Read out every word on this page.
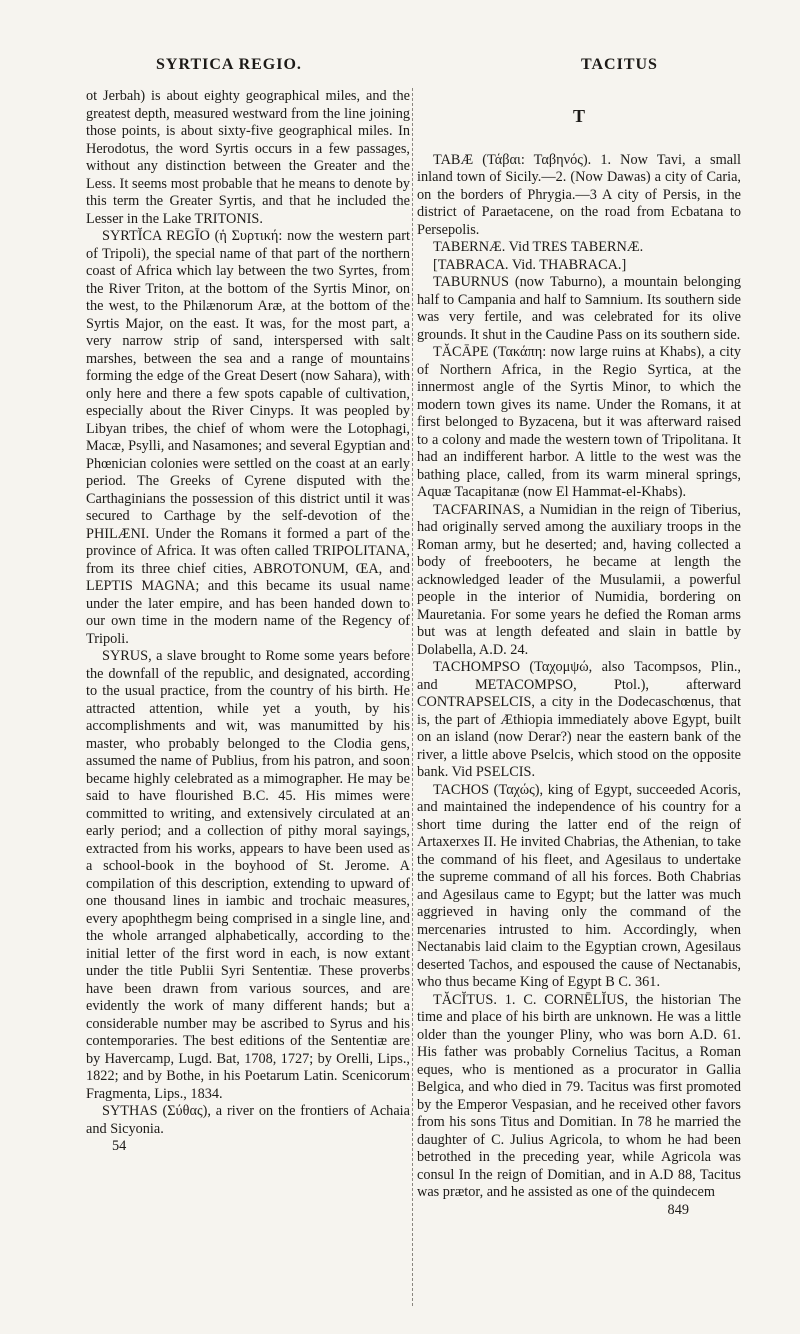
SYRTICA REGIO.	TACITUS

ot Jerbah) is about eighty geographical miles, and the greatest depth, measured westward from the line joining those points, is about sixty-five geographical miles. In Herodotus, the word Syrtis occurs in a few passages, without any distinction between the Greater and the Less. It seems most probable that he means to denote by this term the Greater Syrtis, and that he included the Lesser in the Lake TRITONIS.

SYRTĬCA REGĪO (ἡ Συρτική: now the western part of Tripoli), the special name of that part of the northern coast of Africa which lay between the two Syrtes, from the River Triton, at the bottom of the Syrtis Minor, on the west, to the Philænorum Aræ, at the bottom of the Syrtis Major, on the east. It was, for the most part, a very narrow strip of sand, interspersed with salt marshes, between the sea and a range of mountains forming the edge of the Great Desert (now Sahara), with only here and there a few spots capable of cultivation, especially about the River Cinyps. It was peopled by Libyan tribes, the chief of whom were the Lotophagi, Macæ, Psylli, and Nasamones; and several Egyptian and Phœnician colonies were settled on the coast at an early period. The Greeks of Cyrene disputed with the Carthaginians the possession of this district until it was secured to Carthage by the self-devotion of the PHILÆNI. Under the Romans it formed a part of the province of Africa. It was often called TRIPOLITANA, from its three chief cities, ABROTONUM, ŒA, and LEPTIS MAGNA; and this became its usual name under the later empire, and has been handed down to our own time in the modern name of the Regency of Tripoli.

SYRUS, a slave brought to Rome some years before the downfall of the republic, and designated, according to the usual practice, from the country of his birth. He attracted attention, while yet a youth, by his accomplishments and wit, was manumitted by his master, who probably belonged to the Clodia gens, assumed the name of Publius, from his patron, and soon became highly celebrated as a mimographer. He may be said to have flourished B.C. 45. His mimes were committed to writing, and extensively circulated at an early period; and a collection of pithy moral sayings, extracted from his works, appears to have been used as a school-book in the boyhood of St. Jerome. A compilation of this description, extending to upward of one thousand lines in iambic and trochaic measures, every apophthegm being comprised in a single line, and the whole arranged alphabetically, according to the initial letter of the first word in each, is now extant under the title Publii Syri Sententiæ. These proverbs have been drawn from various sources, and are evidently the work of many different hands; but a considerable number may be ascribed to Syrus and his contemporaries. The best editions of the Sententiæ are by Havercamp, Lugd. Bat, 1708, 1727; by Orelli, Lips., 1822; and by Bothe, in his Poetarum Latin. Scenicorum Fragmenta, Lips., 1834.

SYTHAS (Σύθας), a river on the frontiers of Achaia and Sicyonia.

54
T

TABÆ (Τάβαι: Ταβηνός). 1. Now Tavi, a small inland town of Sicily.—2. (Now Dawas) a city of Caria, on the borders of Phrygia.—3 A city of Persis, in the district of Paraetacene, on the road from Ecbatana to Persepolis.

TABERNÆ. Vid TRES TABERNÆ.

[TABRACA. Vid. THABRACA.]

TABURNUS (now Taburno), a mountain belonging half to Campania and half to Samnium. Its southern side was very fertile, and was celebrated for its olive grounds. It shut in the Caudine Pass on its southern side.

TĂCĀPE (Τακάπη: now large ruins at Khabs), a city of Northern Africa, in the Regio Syrtica, at the innermost angle of the Syrtis Minor, to which the modern town gives its name. Under the Romans, it at first belonged to Byzacena, but it was afterward raised to a colony and made the western town of Tripolitana. It had an indifferent harbor. A little to the west was the bathing place, called, from its warm mineral springs, Aquæ Tacapitanæ (now El Hammat-el-Khabs).

TACFARINAS, a Numidian in the reign of Tiberius, had originally served among the auxiliary troops in the Roman army, but he deserted; and, having collected a body of freebooters, he became at length the acknowledged leader of the Musulamii, a powerful people in the interior of Numidia, bordering on Mauretania. For some years he defied the Roman arms but was at length defeated and slain in battle by Dolabella, A.D. 24.

TACHOMPSO (Ταχομψώ, also Tacompsos, Plin., and METACOMPSO, Ptol.), afterward CONTRAPSELCIS, a city in the Dodecaschœnus, that is, the part of Æthiopia immediately above Egypt, built on an island (now Derar?) near the eastern bank of the river, a little above Pselcis, which stood on the opposite bank. Vid PSELCIS.

TACHOS (Ταχώς), king of Egypt, succeeded Acoris, and maintained the independence of his country for a short time during the latter end of the reign of Artaxerxes II. He invited Chabrias, the Athenian, to take the command of his fleet, and Agesilaus to undertake the supreme command of all his forces. Both Chabrias and Agesilaus came to Egypt; but the latter was much aggrieved in having only the command of the mercenaries intrusted to him. Accordingly, when Nectanabis laid claim to the Egyptian crown, Agesilaus deserted Tachos, and espoused the cause of Nectanabis, who thus became King of Egypt B C. 361.

TĂCĬTUS. 1. C. CORNĒLĬUS, the historian The time and place of his birth are unknown. He was a little older than the younger Pliny, who was born A.D. 61. His father was probably Cornelius Tacitus, a Roman eques, who is mentioned as a procurator in Gallia Belgica, and who died in 79. Tacitus was first promoted by the Emperor Vespasian, and he received other favors from his sons Titus and Domitian. In 78 he married the daughter of C. Julius Agricola, to whom he had been betrothed in the preceding year, while Agricola was consul In the reign of Domitian, and in A.D 88, Tacitus was prætor, and he assisted as one of the quindecem

849
